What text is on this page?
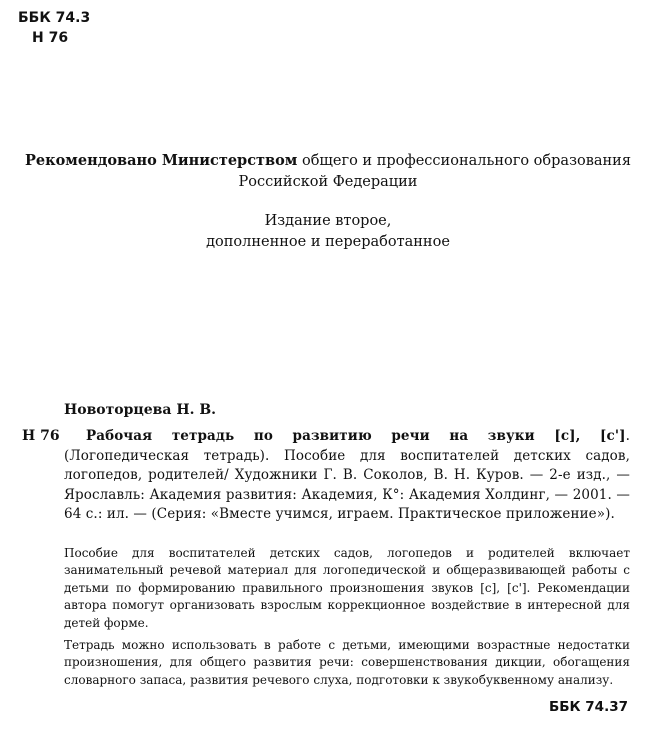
ББК 74.3
Н 76
Рекомендовано Министерством общего и профессионального образования
Российской Федерации
Издание второе,
дополненное и переработанное
Новоторцева Н. В.
Н 76	Рабочая тетрадь по развитию речи на звуки [с], [с']. (Логопедическая тетрадь). Пособие для воспитателей детских садов, логопедов, родителей/ Художники Г. В. Соколов, В. Н. Куров. — 2-е изд., — Ярославль: Академия развития: Академия, К°: Академия Холдинг, — 2001. — 64 с.: ил. — (Серия: «Вместе учимся, играем. Практическое приложение»).

Пособие для воспитателей детских садов, логопедов и родителей включает занимательный речевой материал для логопедической и общеразвивающей работы с детьми по формированию правильного произношения звуков [с], [с']. Рекомендации автора помогут организовать взрослым коррекционное воздействие в интересной для детей форме.

Тетрадь можно использовать в работе с детьми, имеющими возрастные недостатки произношения, для общего развития речи: совершенствования дикции, обогащения словарного запаса, развития речевого слуха, подготовки к звукобуквенному анализу.

ББК 74.37
